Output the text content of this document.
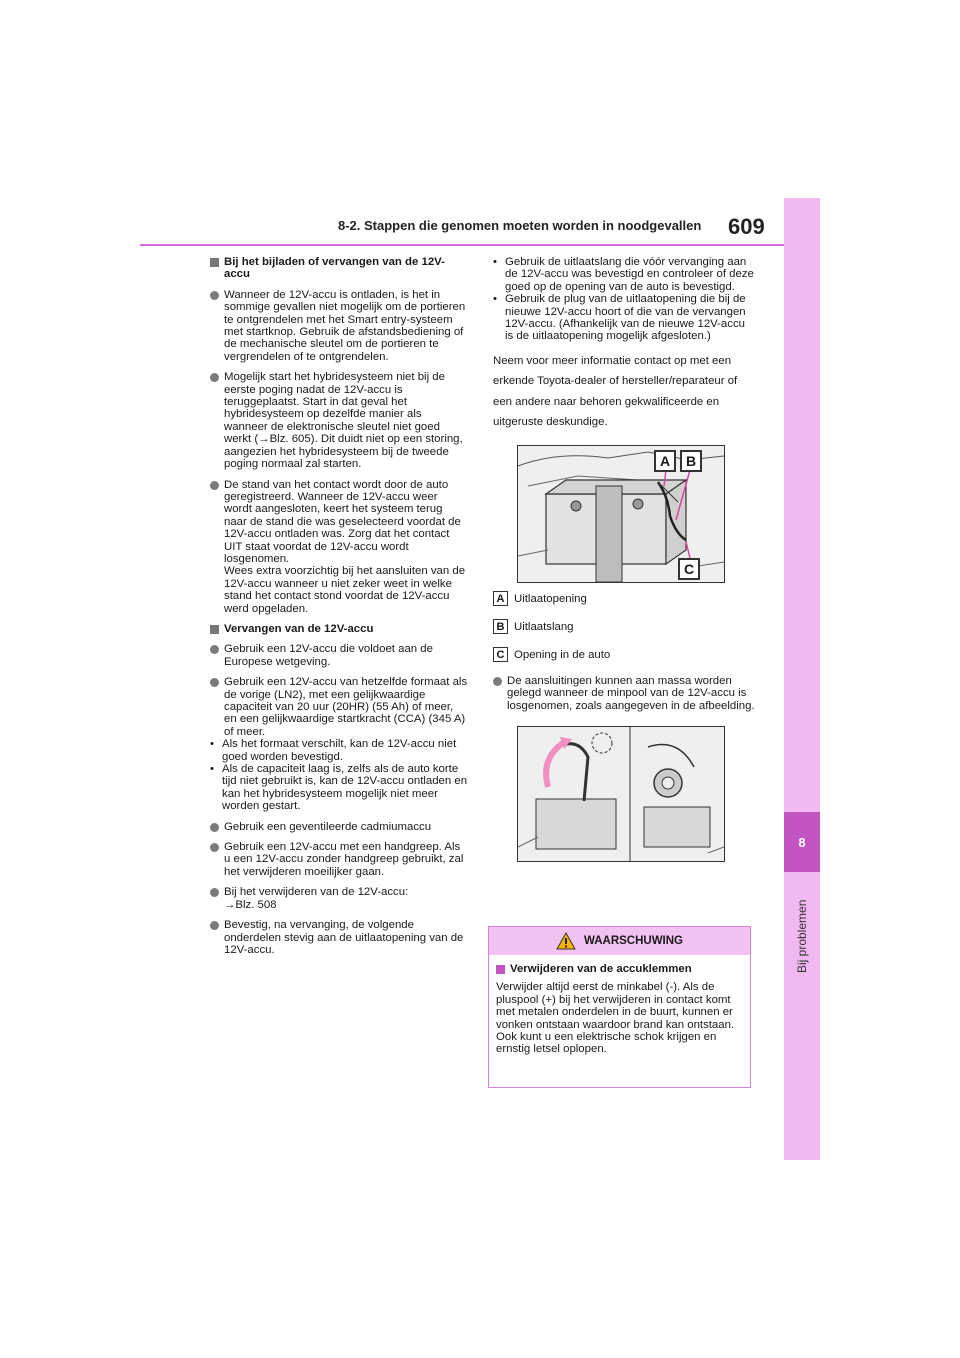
8-2. Stappen die genomen moeten worden in noodgevallen 609
8
Bij problemen
Bij het bijladen of vervangen van de 12V-accu
Wanneer de 12V-accu is ontladen, is het in sommige gevallen niet mogelijk om de portieren te ontgrendelen met het Smart entry-systeem met startknop. Gebruik de afstandsbediening of de mechanische sleutel om de portieren te vergrendelen of te ontgrendelen.
Mogelijk start het hybridesysteem niet bij de eerste poging nadat de 12V-accu is teruggeplaatst. Start in dat geval het hybridesysteem op dezelfde manier als wanneer de elektronische sleutel niet goed werkt (→Blz. 605). Dit duidt niet op een storing, aangezien het hybridesysteem bij de tweede poging normaal zal starten.
De stand van het contact wordt door de auto geregistreerd. Wanneer de 12V-accu weer wordt aangesloten, keert het systeem terug naar de stand die was geselecteerd voordat de 12V-accu ontladen was. Zorg dat het contact UIT staat voordat de 12V-accu wordt losgenomen.
Wees extra voorzichtig bij het aansluiten van de 12V-accu wanneer u niet zeker weet in welke stand het contact stond voordat de 12V-accu werd opgeladen.
Vervangen van de 12V-accu
Gebruik een 12V-accu die voldoet aan de Europese wetgeving.
Gebruik een 12V-accu van hetzelfde formaat als de vorige (LN2), met een gelijkwaardige capaciteit van 20 uur (20HR) (55 Ah) of meer, en een gelijkwaardige startkracht (CCA) (345 A) of meer.
• Als het formaat verschilt, kan de 12V-accu niet goed worden bevestigd.
• Als de capaciteit laag is, zelfs als de auto korte tijd niet gebruikt is, kan de 12V-accu ontladen en kan het hybridesysteem mogelijk niet meer worden gestart.
Gebruik een geventileerde cadmiumaccu
Gebruik een 12V-accu met een handgreep. Als u een 12V-accu zonder handgreep gebruikt, zal het verwijderen moeilijker gaan.
Bij het verwijderen van de 12V-accu:
→Blz. 508
Bevestig, na vervanging, de volgende onderdelen stevig aan de uitlaatopening van de 12V-accu.
• Gebruik de uitlaatslang die vóór vervanging aan de 12V-accu was bevestigd en controleer of deze goed op de opening van de auto is bevestigd.
• Gebruik de plug van de uitlaatopening die bij de nieuwe 12V-accu hoort of die van de vervangen 12V-accu. (Afhankelijk van de nieuwe 12V-accu is de uitlaatopening mogelijk afgesloten.)
Neem voor meer informatie contact op met een erkende Toyota-dealer of hersteller/reparateur of een andere naar behoren gekwalificeerde en uitgeruste deskundige.
A	B
C
A Uitlaatopening
B Uitlaatslang
C Opening in de auto
De aansluitingen kunnen aan massa worden gelegd wanneer de minpool van de 12V-accu is losgenomen, zoals aangegeven in de afbeelding.
WAARSCHUWING
Verwijderen van de accuklemmen
Verwijder altijd eerst de minkabel (-). Als de pluspool (+) bij het verwijderen in contact komt met metalen onderdelen in de buurt, kunnen er vonken ontstaan waardoor brand kan ontstaan. Ook kunt u een elektrische schok krijgen en ernstig letsel oplopen.
